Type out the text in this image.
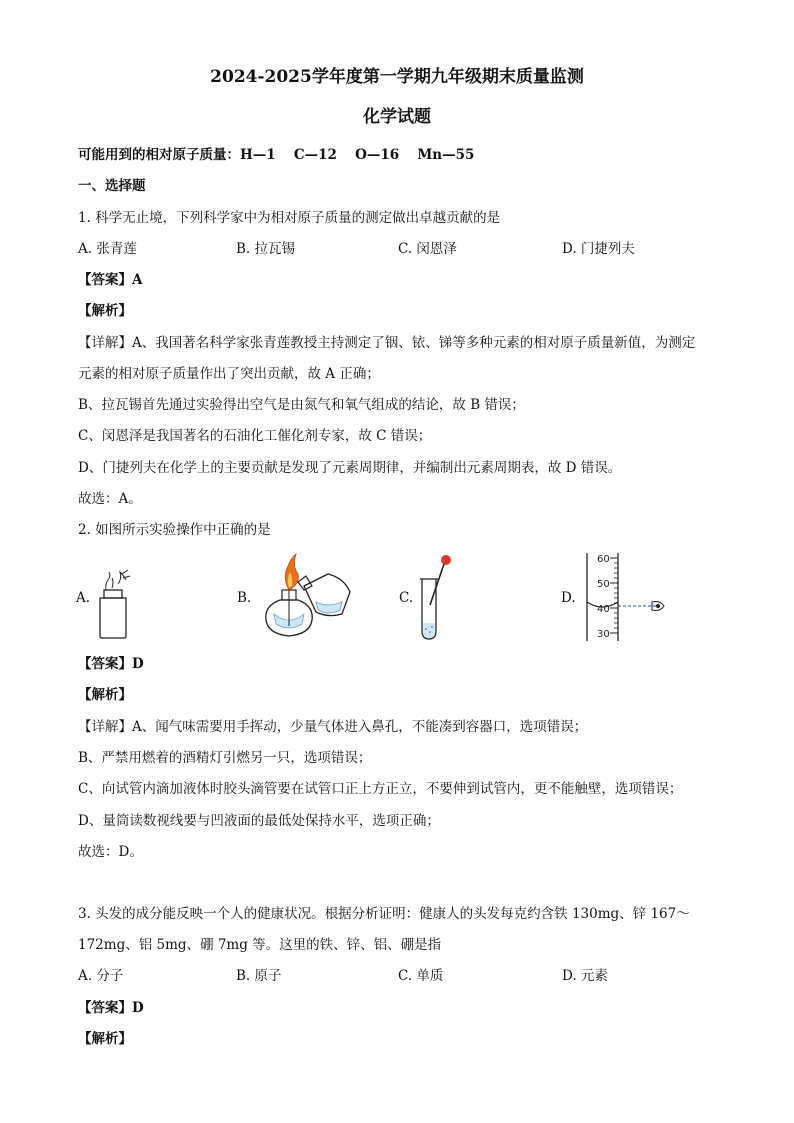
2024-2025学年度第一学期九年级期末质量监测
化学试题
可能用到的相对原子质量：H—1　 C—12　 O—16　 Mn—55
一、选择题
1. 科学无止境，下列科学家中为相对原子质量的测定做出卓越贡献的是
A. 张青莲	B. 拉瓦锡	C. 闵恩泽	D. 门捷列夫
【答案】A
【解析】
【详解】A、我国著名科学家张青莲教授主持测定了铟、铱、锑等多种元素的相对原子质量新值，为测定
元素的相对原子质量作出了突出贡献，故 A 正确；
B、拉瓦锡首先通过实验得出空气是由氮气和氧气组成的结论，故 B 错误；
C、闵恩泽是我国著名的石油化工催化剂专家，故 C 错误；
D、门捷列夫在化学上的主要贡献是发现了元素周期律，并编制出元素周期表，故 D 错误。
故选：A。
2. 如图所示实验操作中正确的是
A.	B.	C.	D.
60
50
40
30
【答案】D
【解析】
【详解】A、闻气味需要用手挥动，少量气体进入鼻孔，不能凑到容器口，选项错误；
B、严禁用燃着的酒精灯引燃另一只，选项错误；
C、向试管内滴加液体时胶头滴管要在试管口正上方正立，不要伸到试管内，更不能触壁，选项错误；
D、量筒读数视线要与凹液面的最低处保持水平，选项正确；
故选：D。
3. 头发的成分能反映一个人的健康状况。根据分析证明：健康人的头发每克约含铁 130mg、锌 167～
172mg、铝 5mg、硼 7mg 等。这里的铁、锌、铝、硼是指
A. 分子	B. 原子	C. 单质	D. 元素
【答案】D
【解析】
